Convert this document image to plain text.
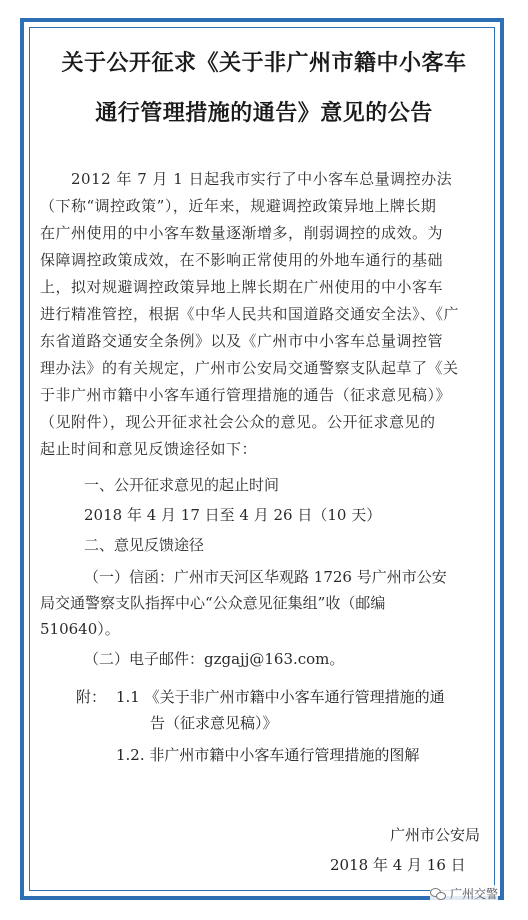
关于公开征求《关于非广州市籍中小客车
通行管理措施的通告》意见的公告
　　2012 年 7 月 1 日起我市实行了中小客车总量调控办法
（下称“调控政策”），近年来，规避调控政策异地上牌长期
在广州使用的中小客车数量逐渐增多，削弱调控的成效。为
保障调控政策成效，在不影响正常使用的外地车通行的基础
上，拟对规避调控政策异地上牌长期在广州使用的中小客车
进行精准管控，根据《中华人民共和国道路交通安全法》、《广
东省道路交通安全条例》以及《广州市中小客车总量调控管
理办法》的有关规定，广州市公安局交通警察支队起草了《关
于非广州市籍中小客车通行管理措施的通告（征求意见稿）》
（见附件），现公开征求社会公众的意见。公开征求意见的
起止时间和意见反馈途径如下：
一、公开征求意见的起止时间
2018 年 4 月 17 日至 4 月 26 日（10 天）
二、意见反馈途径
（一）信函：广州市天河区华观路 1726 号广州市公安
局交通警察支队指挥中心“公众意见征集组”收（邮编
510640）。
（二）电子邮件：gzgajj@163.com。
附： 1.1 《关于非广州市籍中小客车通行管理措施的通
告（征求意见稿）》
1.2. 非广州市籍中小客车通行管理措施的图解
广州市公安局
2018 年 4 月 16 日
广州交警
